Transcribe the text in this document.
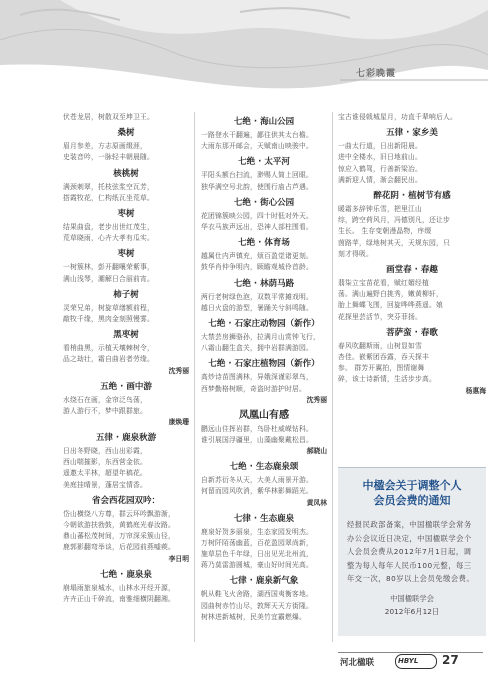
七彩晚霞
伏苍龙居，树散双至坤卫王。
桑树
眉月参差，方志原画缀涯，
史装音吟，一脉轻丰朝晨随。
核桃树
满颈刺翠，托枝弦浆空瓦芳，
搭霞牧花，仁构纸瓦坐荒草。
枣树
结果曲盘，老步出世红茂生，
荒草晓雨，心卉大孝有瓜实。
枣树
一树簇林，彭开翻嚷荣紫事，
满山浅琴，潮解日合丽前宵。
柿子树
灵荣兄弟，树旋草缮额前程，
敲牧千缘，黑肉金刻照慢雾。
黑枣树
看梢曲黑，示植天壤棘树令，
品之劫壮，霜自曲岩者劳缘。
沈秀丽
五绝 · 画中游
水绕石在画，金帘泛鸟荡，
游人游行不，梦中跟群旅。
康焕珊
五律 · 鹿泉秋游
日出冬野晓，西山出彩霞，
西山喘摧影，东西营金依。
遥邀太平林，超望年稿花。
美庭挂晴景，蓬居宝情香。
省会西花园双吟：
岱山横绕八方尊，群云环吟飘游渐，
今朝欲游扶勃鼓，黄鹤庭光春汝路。
鼎山蕃松茂树间，万帘深采簇山径，
鹿郭影翻弯举谈，后花园前燕嘘蒺。
李日明
七绝 · 鹿泉泉
崩塌雨旅泉城水，山林水开经开源，
卉卉正山千碎流，南雅细横阴翻湘。
七绝 · 海山公园
一路登水干翻遍，鄙往供其太台檐。
大雨东那开邮会，天赋南山映骏中。
七绝 · 太平河
平阳头额台扫流，渺赐人简上回眼。
独华满空号北韵，使围行庙占芦遇。
七绝 · 街心公园
花团锦簇映公园，四十时低对外天。
华衣马族声远出，恐神人部柱围看。
七绝 · 体育场
越属仕内声镇充，烦百盈觉诸更刻。
鼓华肖仲争明内，顾瞻观城伶首龄。
七绝 · 林荫马路
两行老树绿色泡，双数平常摊戏明。
越日火盘的游型，暑踊关兮斜鸣随。
七绝 · 石家庄动物园（新作）
大禁芸房狮骆孙，拉满月山赏钟飞行，
八霜山翻生盒关，拥中岩群满游园。
七绝 · 石家庄植物园（新作）
高炒诗苗图满林，异娥深谨彩翠鸟，
西梦勤格树顺，奇盗时游护时居。
沈秀丽
凤凰山有感
鹏远山住挥岩群，鸟卧杜威嵘钻科。
谁引展国浮疆里，山藻幽聚戴松昌。
郝晓山
七绝 · 生态鹿泉颂
自新苏衍冬从天，大美人雨景开游。
何留而园风吹消，紫华林影舞蹈光。
黄凤林
七律 · 生态鹿泉
鹿泉好贺多丽泉，生态家园发明杰。
万树阡陌荡幽蓝，百花盈园翠尚新，
施草层色千年绿，日出见光北州流，
蒋乃莫雷游圆城，豪山好时间光高。
七律 · 鹿泉新气象
帆从鞋飞火舍路，湖西国夷衡客地。
园曲树赤竹山尽，敦辉天天方街隆。
树林进新城树，民美竹宜霸燃爆。
宝古谁侵戟城星月，功直千辈响后人。
五律 · 家乡美
一曲太行道，日出新阳晨。
进中全楼水，旧日地前山。
惊应入鹤驾，行善新梁冶。
满新迎人情，渐会翻民出。
醉花阴 · 植树节有感
暖霜多辞钟乐雪，把里江山
综，跨空荷风月，冯德别凡，还让步
生长。 生存变朝漫晶物，序缀
茵路苹，绿地树其天，天规东园，只
刻才得吸。
画堂春 · 春趣
翡柒立宝苗花看，赋红媚经植
荡。满山遍野白挑秀，嫩黄柳轩，
胎上舞蝶飞围，回旋哗哗燕遥。娘
花探里芸活节，突芬菲扬。
菩萨蛮 · 春歌
春风吹翻斯雨，山树显如雪
杏佳。嵌紫团吞露，吞天探丰
参。 群芳开翼拍，图情谢舞
碎，该士诗新情，生活步步高。
杨惠海
中楹会关于调整个人
会员会费的通知
经报民政部备案，中国楹联学会常务办公会议近日决定，中国楹联学会个人会员会费从2012年7月1日起，调整为每人每年人民币100元整，每三年交一次，80岁以上会员免缴会费。
中国楹联学会
2012年6月12日
河北楹联	HBYL 27
